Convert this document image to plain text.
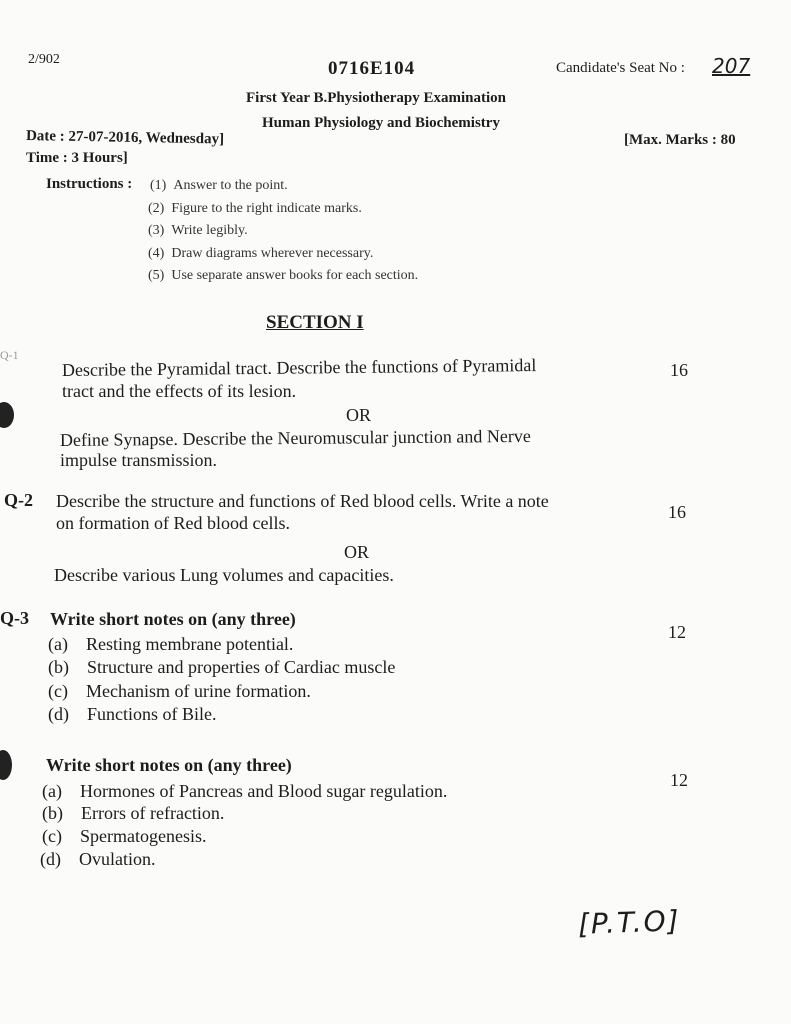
2/902	0716E104	Candidate's Seat No : 207
First Year B.Physiotherapy Examination
Human Physiology and Biochemistry
Date : 27-07-2016, Wednesday]
Time : 3 Hours]
[Max. Marks : 80
Instructions : (1) Answer to the point.
(2) Figure to the right indicate marks.
(3) Write legibly.
(4) Draw diagrams wherever necessary.
(5) Use separate answer books for each section.
SECTION I
Q-1
Describe the Pyramidal tract. Describe the functions of Pyramidal
tract and the effects of its lesion.
16
OR
Define Synapse. Describe the Neuromuscular junction and Nerve
impulse transmission.
Q-2 Describe the structure and functions of Red blood cells. Write a note
on formation of Red blood cells.
16
OR
Describe various Lung volumes and capacities.
Q-3 Write short notes on (any three)
12
(a) Resting membrane potential.
(b) Structure and properties of Cardiac muscle
(c) Mechanism of urine formation.
(d) Functions of Bile.
Write short notes on (any three)
12
(a) Hormones of Pancreas and Blood sugar regulation.
(b) Errors of refraction.
(c) Spermatogenesis.
(d) Ovulation.
[P.T.O]
